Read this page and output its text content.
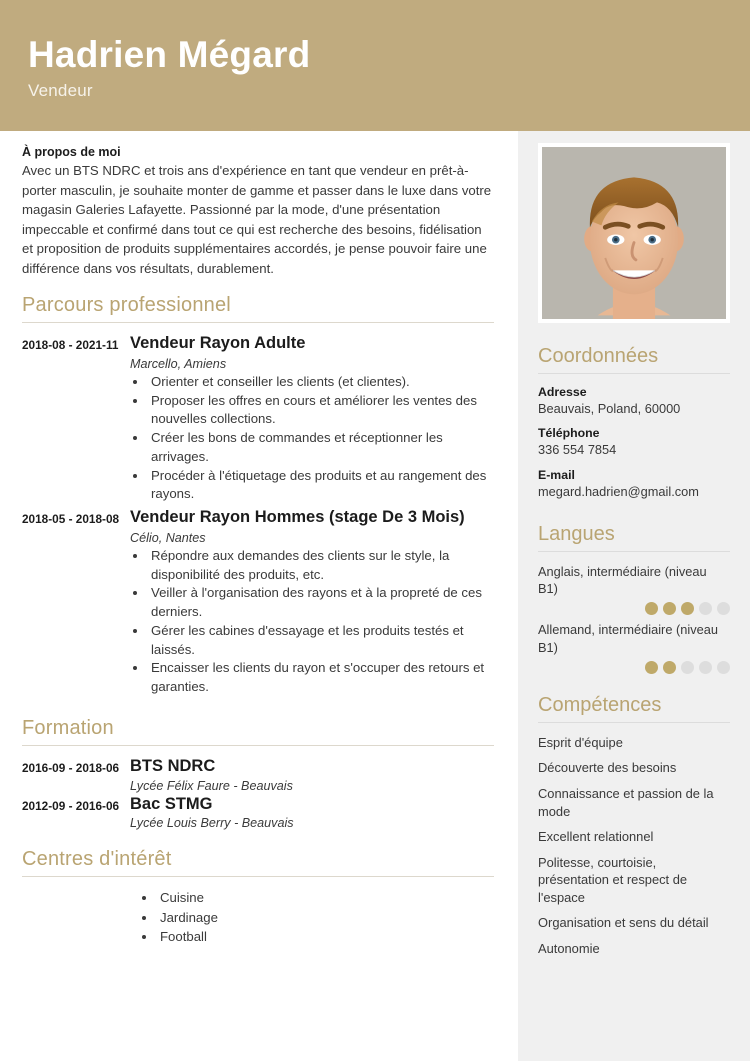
Hadrien Mégard
Vendeur
À propos de moi
Avec un BTS NDRC et trois ans d'expérience en tant que vendeur en prêt-à-porter masculin, je souhaite monter de gamme et passer dans le luxe dans votre magasin Galeries Lafayette. Passionné par la mode, d'une présentation impeccable et confirmé dans tout ce qui est recherche des besoins, fidélisation et proposition de produits supplémentaires accordés, je pense pouvoir faire une différence dans vos résultats, durablement.
Parcours professionnel
2018-08 - 2021-11 Vendeur Rayon Adulte
Marcello, Amiens
• Orienter et conseiller les clients (et clientes).
• Proposer les offres en cours et améliorer les ventes des nouvelles collections.
• Créer les bons de commandes et réceptionner les arrivages.
• Procéder à l'étiquetage des produits et au rangement des rayons.
2018-05 - 2018-08 Vendeur Rayon Hommes (stage De 3 Mois)
Célio, Nantes
• Répondre aux demandes des clients sur le style, la disponibilité des produits, etc.
• Veiller à l'organisation des rayons et à la propreté de ces derniers.
• Gérer les cabines d'essayage et les produits testés et laissés.
• Encaisser les clients du rayon et s'occuper des retours et garanties.
Formation
2016-09 - 2018-06 BTS NDRC
Lycée Félix Faure - Beauvais
2012-09 - 2016-06 Bac STMG
Lycée Louis Berry - Beauvais
Centres d'intérêt
• Cuisine
• Jardinage
• Football
Coordonnées
Adresse
Beauvais, Poland, 60000
Téléphone
336 554 7854
E-mail
megard.hadrien@gmail.com
Langues
Anglais, intermédiaire (niveau B1)
Allemand, intermédiaire (niveau B1)
Compétences
Esprit d'équipe
Découverte des besoins
Connaissance et passion de la mode
Excellent relationnel
Politesse, courtoisie, présentation et respect de l'espace
Organisation et sens du détail
Autonomie
